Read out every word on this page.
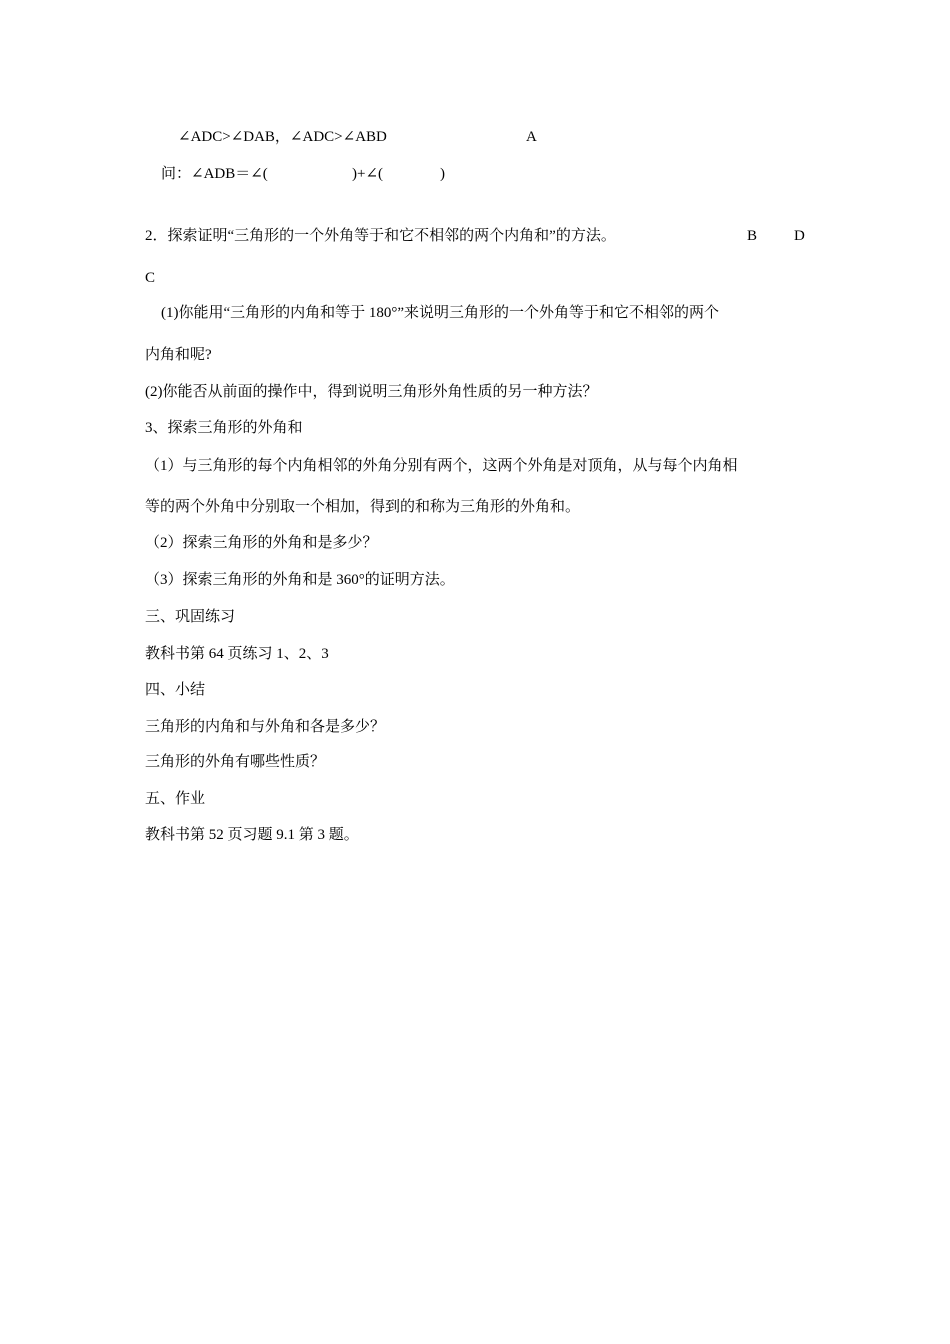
∠ADC>∠DAB，∠ADC>∠ABD	A
问：∠ADB＝∠(	)+∠(	)
2．探索证明“三角形的一个外角等于和它不相邻的两个内角和”的方法。	B D
C
(1)你能用“三角形的内角和等于 180°”来说明三角形的一个外角等于和它不相邻的两个
内角和呢?
(2)你能否从前面的操作中，得到说明三角形外角性质的另一种方法？
3、探索三角形的外角和
（1）与三角形的每个内角相邻的外角分别有两个，这两个外角是对顶角，从与每个内角相
等的两个外角中分别取一个相加，得到的和称为三角形的外角和。
（2）探索三角形的外角和是多少？
（3）探索三角形的外角和是 360°的证明方法。
三、巩固练习
教科书第 64 页练习 1、2、3
四、小结
三角形的内角和与外角和各是多少？
三角形的外角有哪些性质？
五、作业
教科书第 52 页习题 9.1 第 3 题。
